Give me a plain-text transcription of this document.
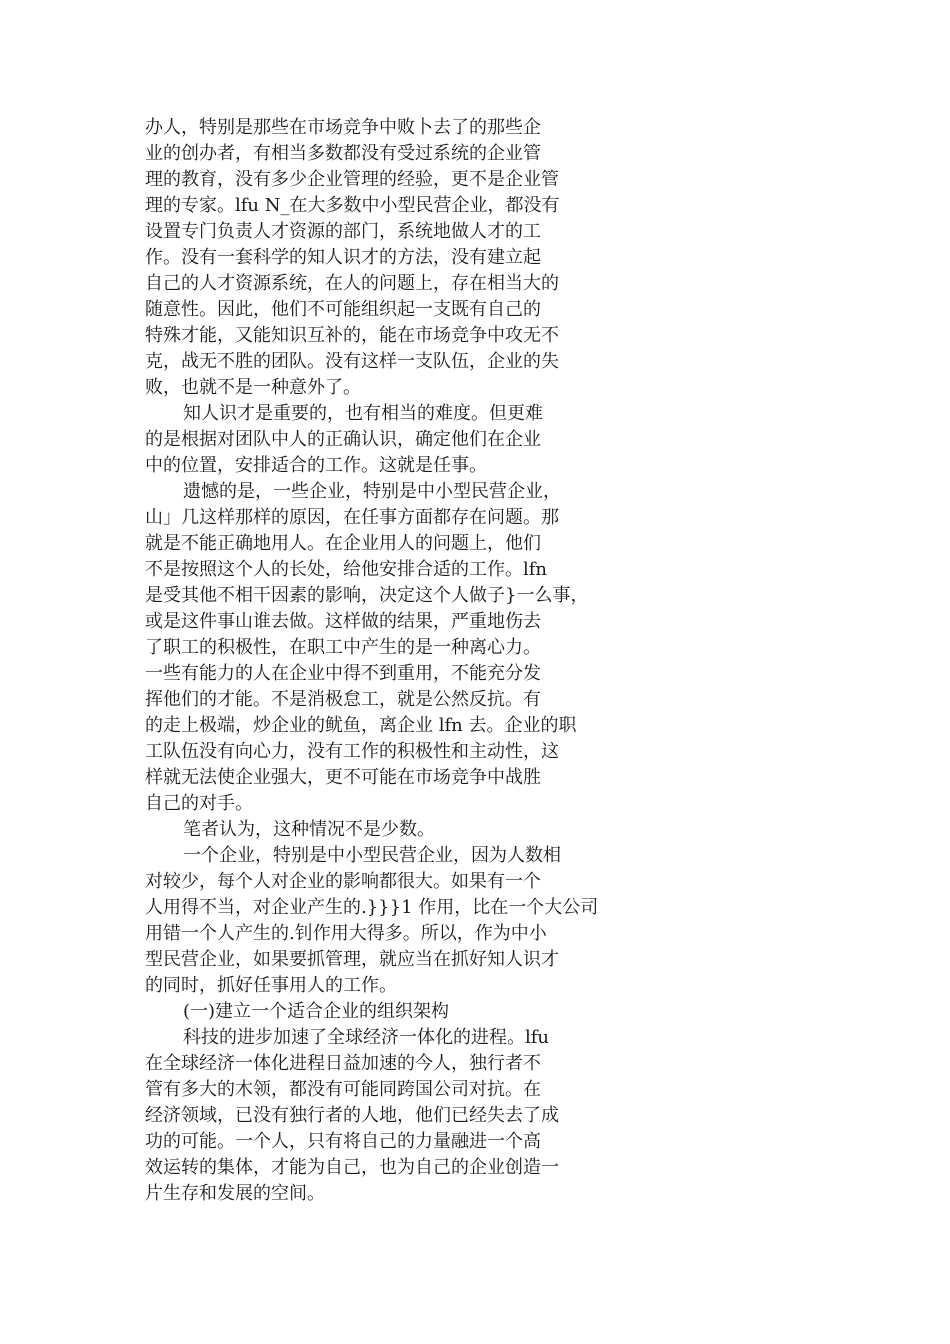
办人，特别是那些在市场竞争中败卜去了的那些企
业的创办者，有相当多数都没有受过系统的企业管
理的教育，没有多少企业管理的经验，更不是企业管
理的专家。lfu N_在大多数中小型民营企业，都没有
设置专门负责人才资源的部门，系统地做人才的工
作。没有一套科学的知人识才的方法，没有建立起
自己的人才资源系统，在人的问题上，存在相当大的
随意性。因此，他们不可能组织起一支既有自己的
特殊才能，又能知识互补的，能在市场竞争中攻无不
克，战无不胜的团队。没有这样一支队伍，企业的失
败，也就不是一种意外了。
知人识才是重要的，也有相当的难度。但更难
的是根据对团队中人的正确认识，确定他们在企业
中的位置，安排适合的工作。这就是任事。
遗憾的是，一些企业，特别是中小型民营企业，
山」几这样那样的原因，在任事方面都存在问题。那
就是不能正确地用人。在企业用人的问题上，他们
不是按照这个人的长处，给他安排合适的工作。lfn
是受其他不相干因素的影响，决定这个人做子}一么事，
或是这件事山谁去做。这样做的结果，严重地伤去
了职工的积极性，在职工中产生的是一种离心力。
一些有能力的人在企业中得不到重用，不能充分发
挥他们的才能。不是消极怠工，就是公然反抗。有
的走上极端，炒企业的鱿鱼，离企业 lfn 去。企业的职
工队伍没有向心力，没有工作的积极性和主动性，这
样就无法使企业强大，更不可能在市场竞争中战胜
自己的对手。
笔者认为，这种情况不是少数。
一个企业，特别是中小型民营企业，因为人数相
对较少，每个人对企业的影响都很大。如果有一个
人用得不当，对企业产生的.}}}1 作用，比在一个大公司
用错一个人产生的.钊作用大得多。所以，作为中小
型民营企业，如果要抓管理，就应当在抓好知人识才
的同时，抓好任事用人的工作。
(一)建立一个适合企业的组织架构
科技的进步加速了全球经济一体化的进程。lfu
在全球经济一体化进程日益加速的今人，独行者不
管有多大的木领，都没有可能同跨国公司对抗。在
经济领域，已没有独行者的人地，他们已经失去了成
功的可能。一个人，只有将自己的力量融进一个高
效运转的集体，才能为自己，也为自己的企业创造一
片生存和发展的空间。
